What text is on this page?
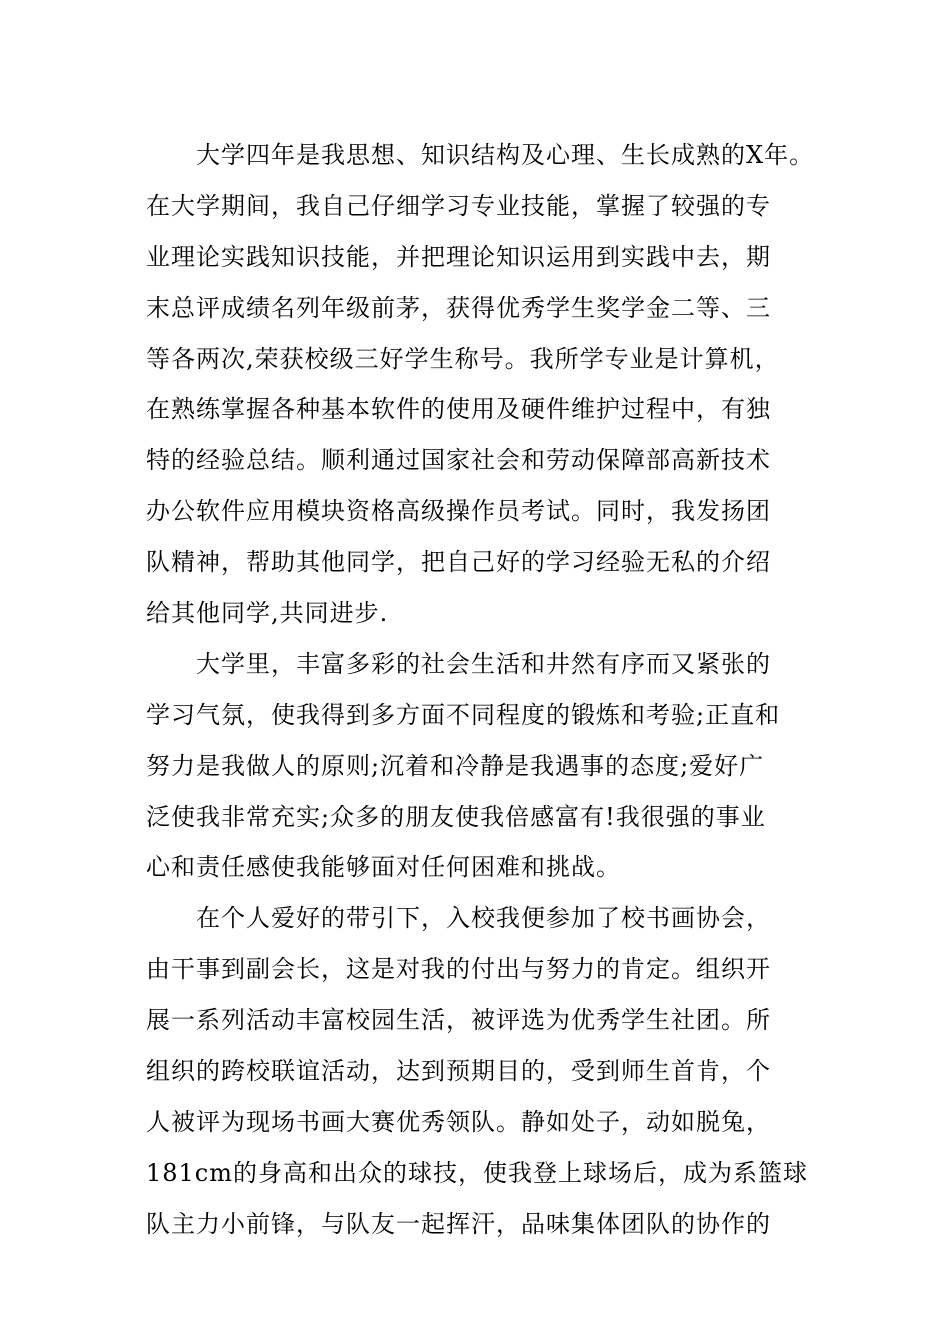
大学四年是我思想、知识结构及心理、生长成熟的X年。
在大学期间，我自己仔细学习专业技能，掌握了较强的专
业理论实践知识技能，并把理论知识运用到实践中去，期
末总评成绩名列年级前茅，获得优秀学生奖学金二等、三
等各两次,荣获校级三好学生称号。我所学专业是计算机，
在熟练掌握各种基本软件的使用及硬件维护过程中，有独
特的经验总结。顺利通过国家社会和劳动保障部高新技术
办公软件应用模块资格高级操作员考试。同时，我发扬团
队精神，帮助其他同学，把自己好的学习经验无私的介绍
给其他同学,共同进步.
大学里，丰富多彩的社会生活和井然有序而又紧张的
学习气氛，使我得到多方面不同程度的锻炼和考验;正直和
努力是我做人的原则;沉着和冷静是我遇事的态度;爱好广
泛使我非常充实;众多的朋友使我倍感富有!我很强的事业
心和责任感使我能够面对任何困难和挑战。
在个人爱好的带引下，入校我便参加了校书画协会，
由干事到副会长，这是对我的付出与努力的肯定。组织开
展一系列活动丰富校园生活，被评选为优秀学生社团。所
组织的跨校联谊活动，达到预期目的，受到师生首肯，个
人被评为现场书画大赛优秀领队。静如处子，动如脱兔，
181cm的身高和出众的球技，使我登上球场后，成为系篮球
队主力小前锋，与队友一起挥汗，品味集体团队的协作的
